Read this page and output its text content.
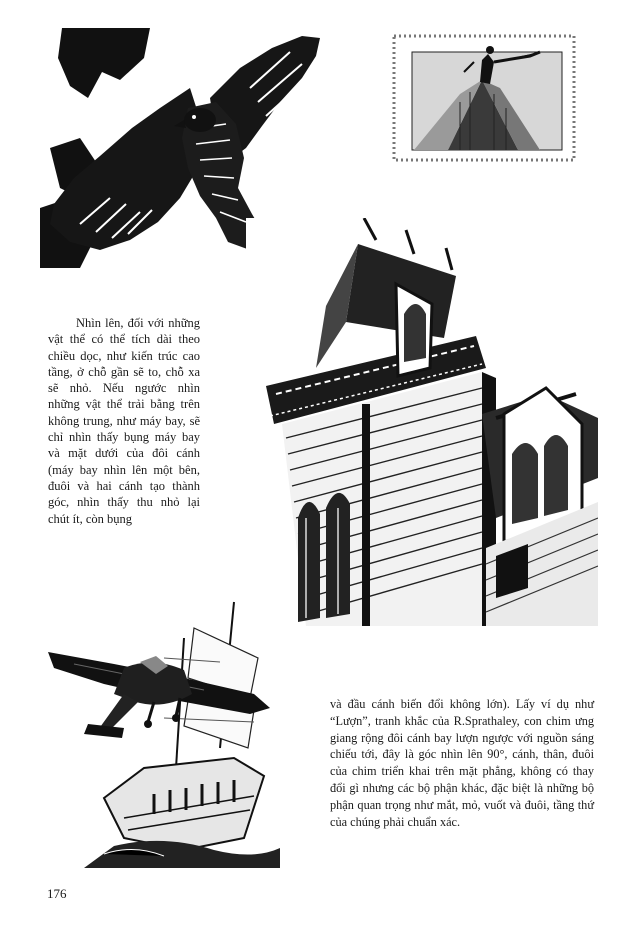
Nhìn lên, đối với những vật thể có thể tích dài theo chiều dọc, như kiến trúc cao tầng, ở chỗ gần sẽ to, chỗ xa sẽ nhỏ. Nếu ngước nhìn những vật thể trải bằng trên không trung, như máy bay, sẽ chỉ nhìn thấy bụng máy bay và mặt dưới của đôi cánh (máy bay nhìn lên một bên, đuôi và hai cánh tạo thành góc, nhìn thấy thu nhỏ lại chút ít, còn bụng

và đầu cánh biến đổi không lớn). Lấy ví dụ như “Lượn”, tranh khắc của R.Sprathaley, con chim ưng giang rộng đôi cánh bay lượn ngược với nguồn sáng chiếu tới, đây là góc nhìn lên 90°, cánh, thân, đuôi của chim triển khai trên mặt phẳng, không có thay đổi gì nhưng các bộ phận khác, đặc biệt là những bộ phận quan trọng như mắt, mỏ, vuốt và đuôi, tầng thứ của chúng phải chuẩn xác.

176
